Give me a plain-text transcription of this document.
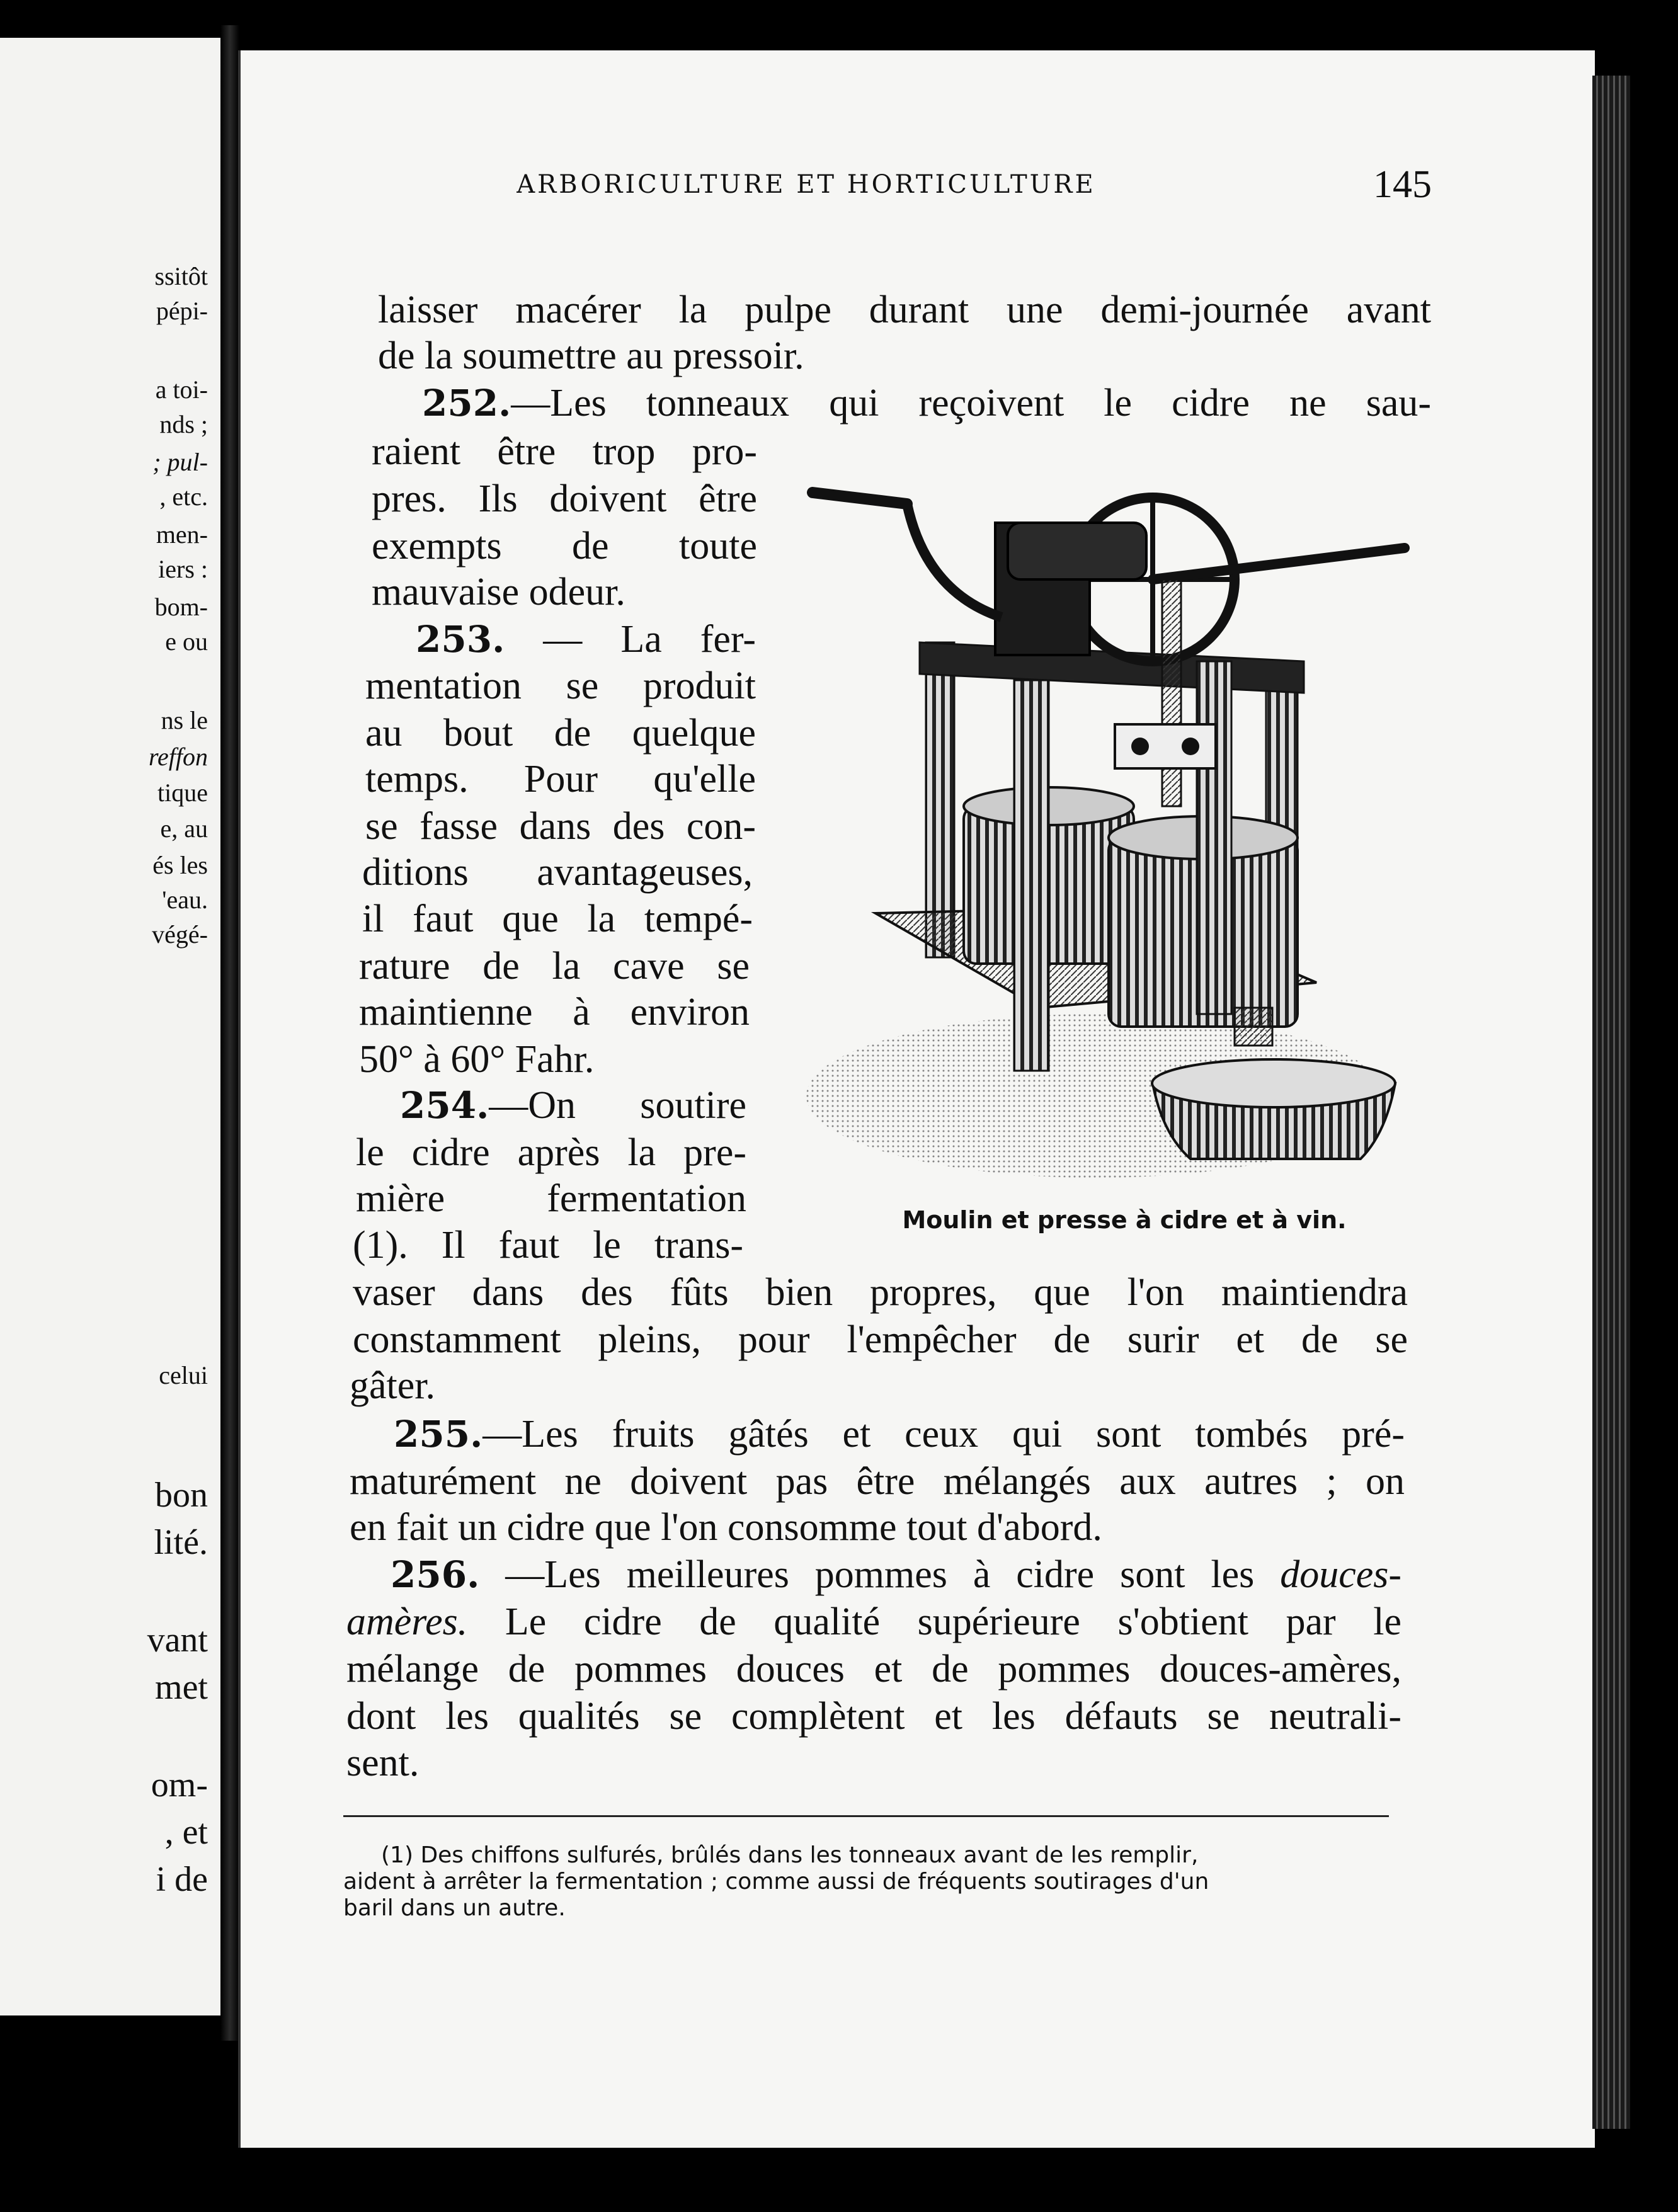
ssitôt
pépi-
a toi-
nds ;
; pul-
, etc.
men-
iers :
bom-
e ou
ns le
reffon
tique
e, au
és les
'eau.
végé-
celui
bon
lité.
vant
met
om-
, et
i de
ARBORICULTURE ET HORTICULTURE	145
laisser macérer la pulpe durant une demi-journée avant
de la soumettre au pressoir.
252.—Les tonneaux qui reçoivent le cidre ne sau-
raient être trop pro-
pres. Ils doivent être
exempts de toute
mauvaise odeur.
253. — La fer-
mentation se produit
au bout de quelque
temps. Pour qu'elle
se fasse dans des con-
ditions avantageuses,
il faut que la tempé-
rature de la cave se
maintienne à environ
50° à 60° Fahr.
254.—On soutire
le cidre après la pre-
mière fermentation
(1). Il faut le trans-
vaser dans des fûts bien propres, que l'on maintiendra
constamment pleins, pour l'empêcher de surir et de se
gâter.
255.—Les fruits gâtés et ceux qui sont tombés pré-
maturément ne doivent pas être mélangés aux autres ; on
en fait un cidre que l'on consomme tout d'abord.
256. —Les meilleures pommes à cidre sont les douces-
amères. Le cidre de qualité supérieure s'obtient par le
mélange de pommes douces et de pommes douces-amères,
dont les qualités se complètent et les défauts se neutrali-
sent.
Moulin et presse à cidre et à vin.
(1) Des chiffons sulfurés, brûlés dans les tonneaux avant de les remplir,
aident à arrêter la fermentation ; comme aussi de fréquents soutirages d'un
baril dans un autre.
